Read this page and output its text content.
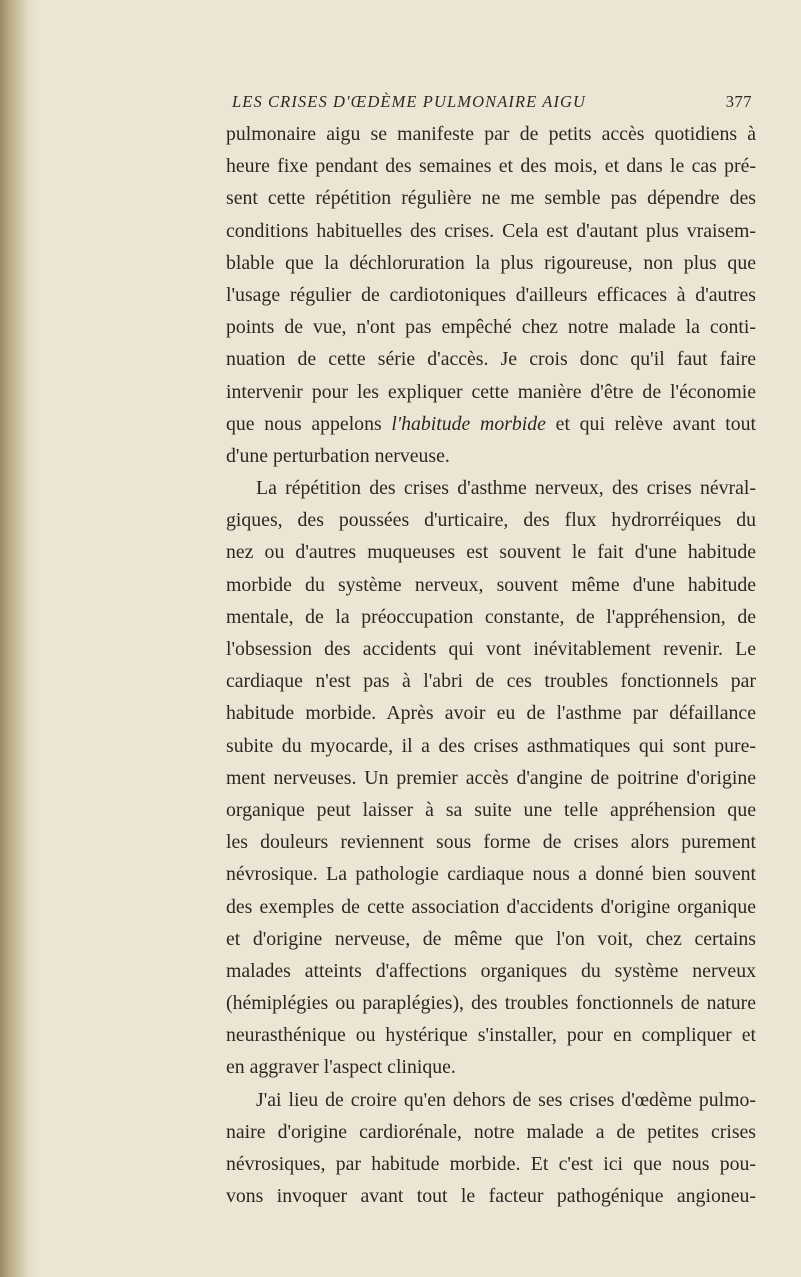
LES CRISES D'ŒDÈME PULMONAIRE AIGU	377
pulmonaire aigu se manifeste par de petits accès quotidiens à
heure fixe pendant des semaines et des mois, et dans le cas pré-
sent cette répétition régulière ne me semble pas dépendre des
conditions habituelles des crises. Cela est d'autant plus vraisem-
blable que la déchloruration la plus rigoureuse, non plus que
l'usage régulier de cardiotoniques d'ailleurs efficaces à d'autres
points de vue, n'ont pas empêché chez notre malade la conti-
nuation de cette série d'accès. Je crois donc qu'il faut faire
intervenir pour les expliquer cette manière d'être de l'économie
que nous appelons l'habitude morbide et qui relève avant tout
d'une perturbation nerveuse.
La répétition des crises d'asthme nerveux, des crises névral-
giques, des poussées d'urticaire, des flux hydrorréiques du
nez ou d'autres muqueuses est souvent le fait d'une habitude
morbide du système nerveux, souvent même d'une habitude
mentale, de la préoccupation constante, de l'appréhension, de
l'obsession des accidents qui vont inévitablement revenir. Le
cardiaque n'est pas à l'abri de ces troubles fonctionnels par
habitude morbide. Après avoir eu de l'asthme par défaillance
subite du myocarde, il a des crises asthmatiques qui sont pure-
ment nerveuses. Un premier accès d'angine de poitrine d'origine
organique peut laisser à sa suite une telle appréhension que
les douleurs reviennent sous forme de crises alors purement
névrosique. La pathologie cardiaque nous a donné bien souvent
des exemples de cette association d'accidents d'origine organique
et d'origine nerveuse, de même que l'on voit, chez certains
malades atteints d'affections organiques du système nerveux
(hémiplégies ou paraplégies), des troubles fonctionnels de nature
neurasthénique ou hystérique s'installer, pour en compliquer et
en aggraver l'aspect clinique.
J'ai lieu de croire qu'en dehors de ses crises d'œdème pulmo-
naire d'origine cardiorénale, notre malade a de petites crises
névrosiques, par habitude morbide. Et c'est ici que nous pou-
vons invoquer avant tout le facteur pathogénique angioneu-
